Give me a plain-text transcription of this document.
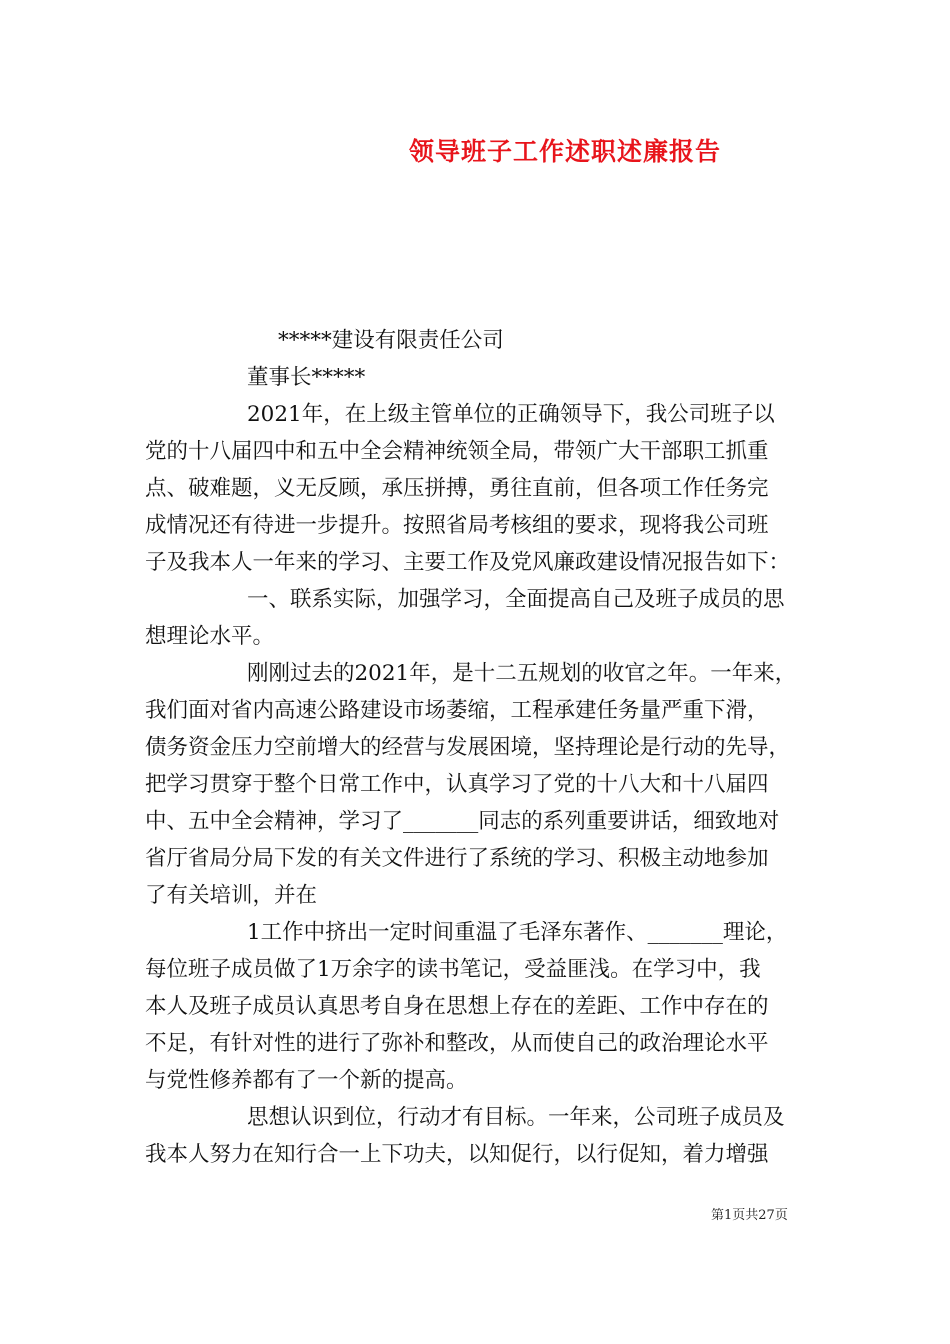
领导班子工作述职述廉报告
*****建设有限责任公司
董事长*****
2021年，在上级主管单位的正确领导下，我公司班子以
党的十八届四中和五中全会精神统领全局，带领广大干部职工抓重
点、破难题，义无反顾，承压拼搏，勇往直前，但各项工作任务完
成情况还有待进一步提升。按照省局考核组的要求，现将我公司班
子及我本人一年来的学习、主要工作及党风廉政建设情况报告如下：
一、联系实际，加强学习，全面提高自己及班子成员的思
想理论水平。
刚刚过去的2021年，是十二五规划的收官之年。一年来，
我们面对省内高速公路建设市场萎缩，工程承建任务量严重下滑，
债务资金压力空前增大的经营与发展困境，坚持理论是行动的先导，
把学习贯穿于整个日常工作中，认真学习了党的十八大和十八届四
中、五中全会精神，学习了_______同志的系列重要讲话，细致地对
省厅省局分局下发的有关文件进行了系统的学习、积极主动地参加
了有关培训，并在
1工作中挤出一定时间重温了毛泽东著作、_______理论，
每位班子成员做了1万余字的读书笔记，受益匪浅。在学习中，我
本人及班子成员认真思考自身在思想上存在的差距、工作中存在的
不足，有针对性的进行了弥补和整改，从而使自己的政治理论水平
与党性修养都有了一个新的提高。
思想认识到位，行动才有目标。一年来，公司班子成员及
我本人努力在知行合一上下功夫，以知促行，以行促知，着力增强
第1页共27页
